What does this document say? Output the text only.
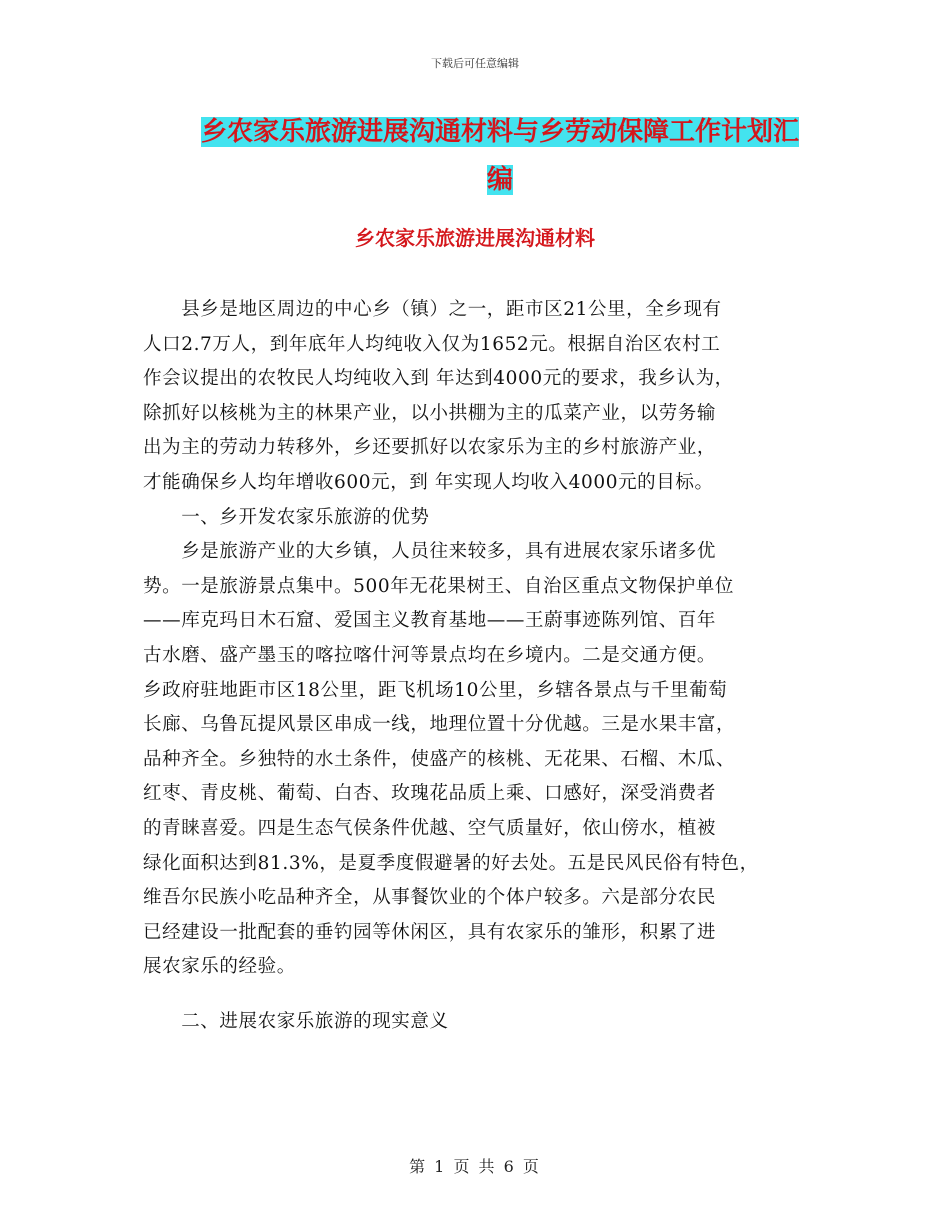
下载后可任意编辑
乡农家乐旅游进展沟通材料与乡劳动保障工作计划汇
编
乡农家乐旅游进展沟通材料
　　县乡是地区周边的中心乡（镇）之一，距市区21公里，全乡现有
人口2.7万人，到年底年人均纯收入仅为1652元。根据自治区农村工
作会议提出的农牧民人均纯收入到 年达到4000元的要求，我乡认为，
除抓好以核桃为主的林果产业，以小拱棚为主的瓜菜产业，以劳务输
出为主的劳动力转移外，乡还要抓好以农家乐为主的乡村旅游产业，
才能确保乡人均年增收600元，到 年实现人均收入4000元的目标。
　　一、乡开发农家乐旅游的优势
　　乡是旅游产业的大乡镇，人员往来较多，具有进展农家乐诸多优
势。一是旅游景点集中。500年无花果树王、自治区重点文物保护单位
——库克玛日木石窟、爱国主义教育基地——王蔚事迹陈列馆、百年
古水磨、盛产墨玉的喀拉喀什河等景点均在乡境内。二是交通方便。
乡政府驻地距市区18公里，距飞机场10公里，乡辖各景点与千里葡萄
长廊、乌鲁瓦提风景区串成一线，地理位置十分优越。三是水果丰富，
品种齐全。乡独特的水土条件，使盛产的核桃、无花果、石榴、木瓜、
红枣、青皮桃、葡萄、白杏、玫瑰花品质上乘、口感好，深受消费者
的青睐喜爱。四是生态气侯条件优越、空气质量好，依山傍水，植被
绿化面积达到81.3%，是夏季度假避暑的好去处。五是民风民俗有特色，
维吾尔民族小吃品种齐全，从事餐饮业的个体户较多。六是部分农民
已经建设一批配套的垂钓园等休闲区，具有农家乐的雏形，积累了进
展农家乐的经验。
　　二、进展农家乐旅游的现实意义
第 1 页 共 6 页
